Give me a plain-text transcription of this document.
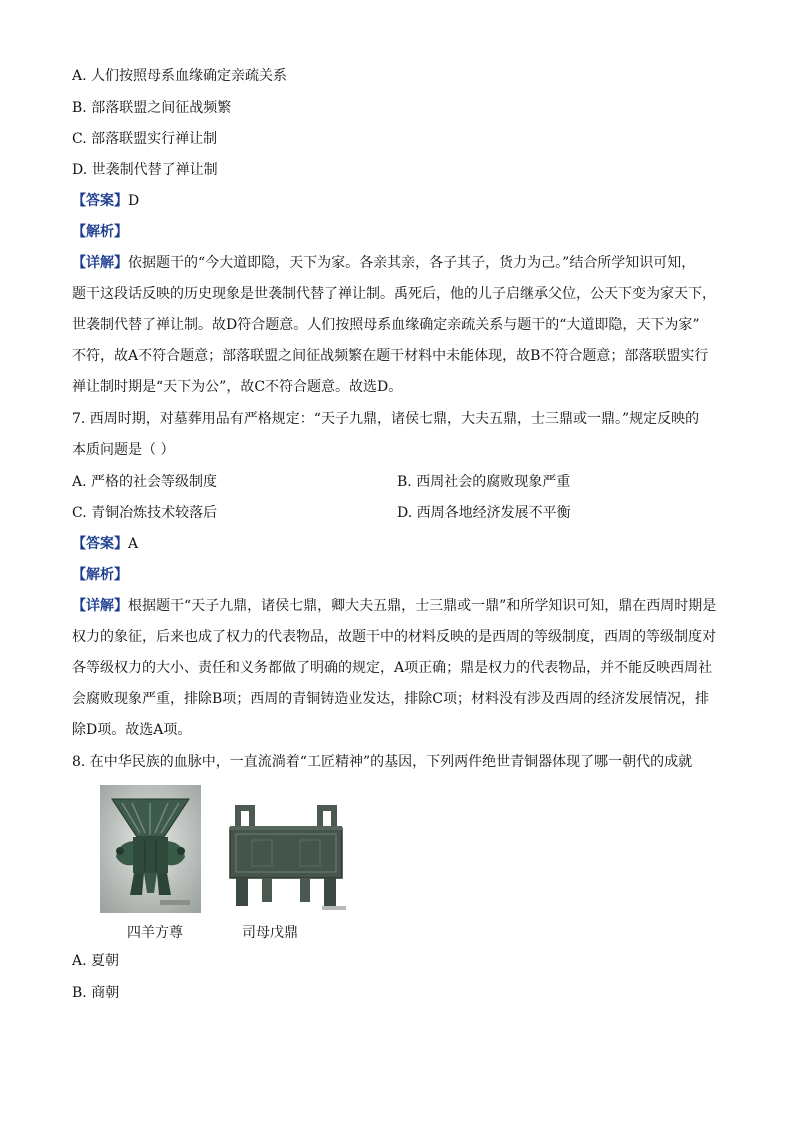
A. 人们按照母系血缘确定亲疏关系
B. 部落联盟之间征战频繁
C. 部落联盟实行禅让制
D. 世袭制代替了禅让制
【答案】D
【解析】

【详解】依据题干的“今大道即隐，天下为家。各亲其亲，各子其子，货力为己。”结合所学知识可知，

题干这段话反映的历史现象是世袭制代替了禅让制。禹死后，他的儿子启继承父位，公天下变为家天下，

世袭制代替了禅让制。故D符合题意。人们按照母系血缘确定亲疏关系与题干的“大道即隐，天下为家”

不符，故A不符合题意；部落联盟之间征战频繁在题干材料中未能体现，故B不符合题意；部落联盟实行

禅让制时期是“天下为公”，故C不符合题意。故选D。

7. 西周时期，对墓葬用品有严格规定：“天子九鼎，诸侯七鼎，大夫五鼎，士三鼎或一鼎。”规定反映的

本质问题是（ ）

A. 严格的社会等级制度	B. 西周社会的腐败现象严重
C. 青铜冶炼技术较落后	D. 西周各地经济发展不平衡
【答案】A
【解析】

【详解】根据题干“天子九鼎，诸侯七鼎，卿大夫五鼎，士三鼎或一鼎”和所学知识可知，鼎在西周时期是

权力的象征，后来也成了权力的代表物品，故题干中的材料反映的是西周的等级制度，西周的等级制度对

各等级权力的大小、责任和义务都做了明确的规定，A项正确；鼎是权力的代表物品，并不能反映西周社

会腐败现象严重，排除B项；西周的青铜铸造业发达，排除C项；材料没有涉及西周的经济发展情况，排

除D项。故选A项。

8. 在中华民族的血脉中，一直流淌着“工匠精神”的基因，下列两件绝世青铜器体现了哪一朝代的成就
四羊方尊	司母戊鼎
A. 夏朝
B. 商朝
